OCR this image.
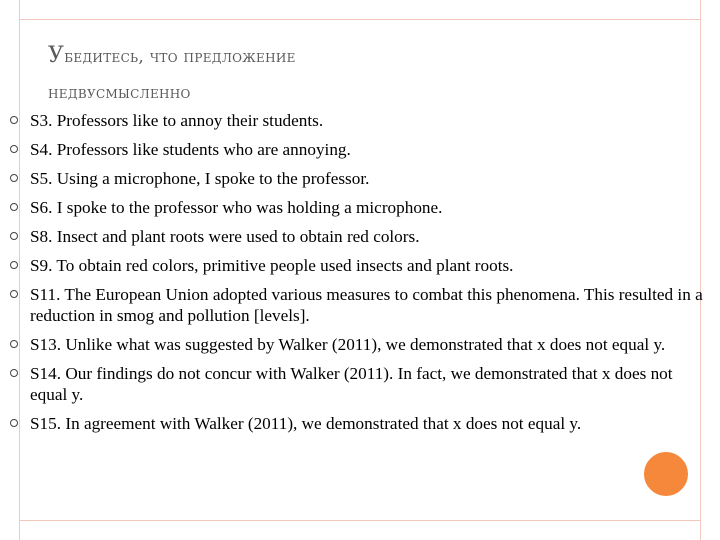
Убедитесь, что предложение
недвусмысленно
S3. Professors like to annoy their students.
S4. Professors like students who are annoying.
S5. Using a microphone, I spoke to the professor.
S6. I spoke to the professor who was holding a microphone.
S8. Insect and plant roots were used to obtain red colors.
S9. To obtain red colors, primitive people used insects and plant roots.
S11. The European Union adopted various measures to combat this phenomena. This resulted in a reduction in smog and pollution [levels].
S13. Unlike what was suggested by Walker (2011), we demonstrated that x does not equal y.
S14. Our findings do not concur with Walker (2011). In fact, we demonstrated that x does not equal y.
S15. In agreement with Walker (2011), we demonstrated that x does not equal y.
